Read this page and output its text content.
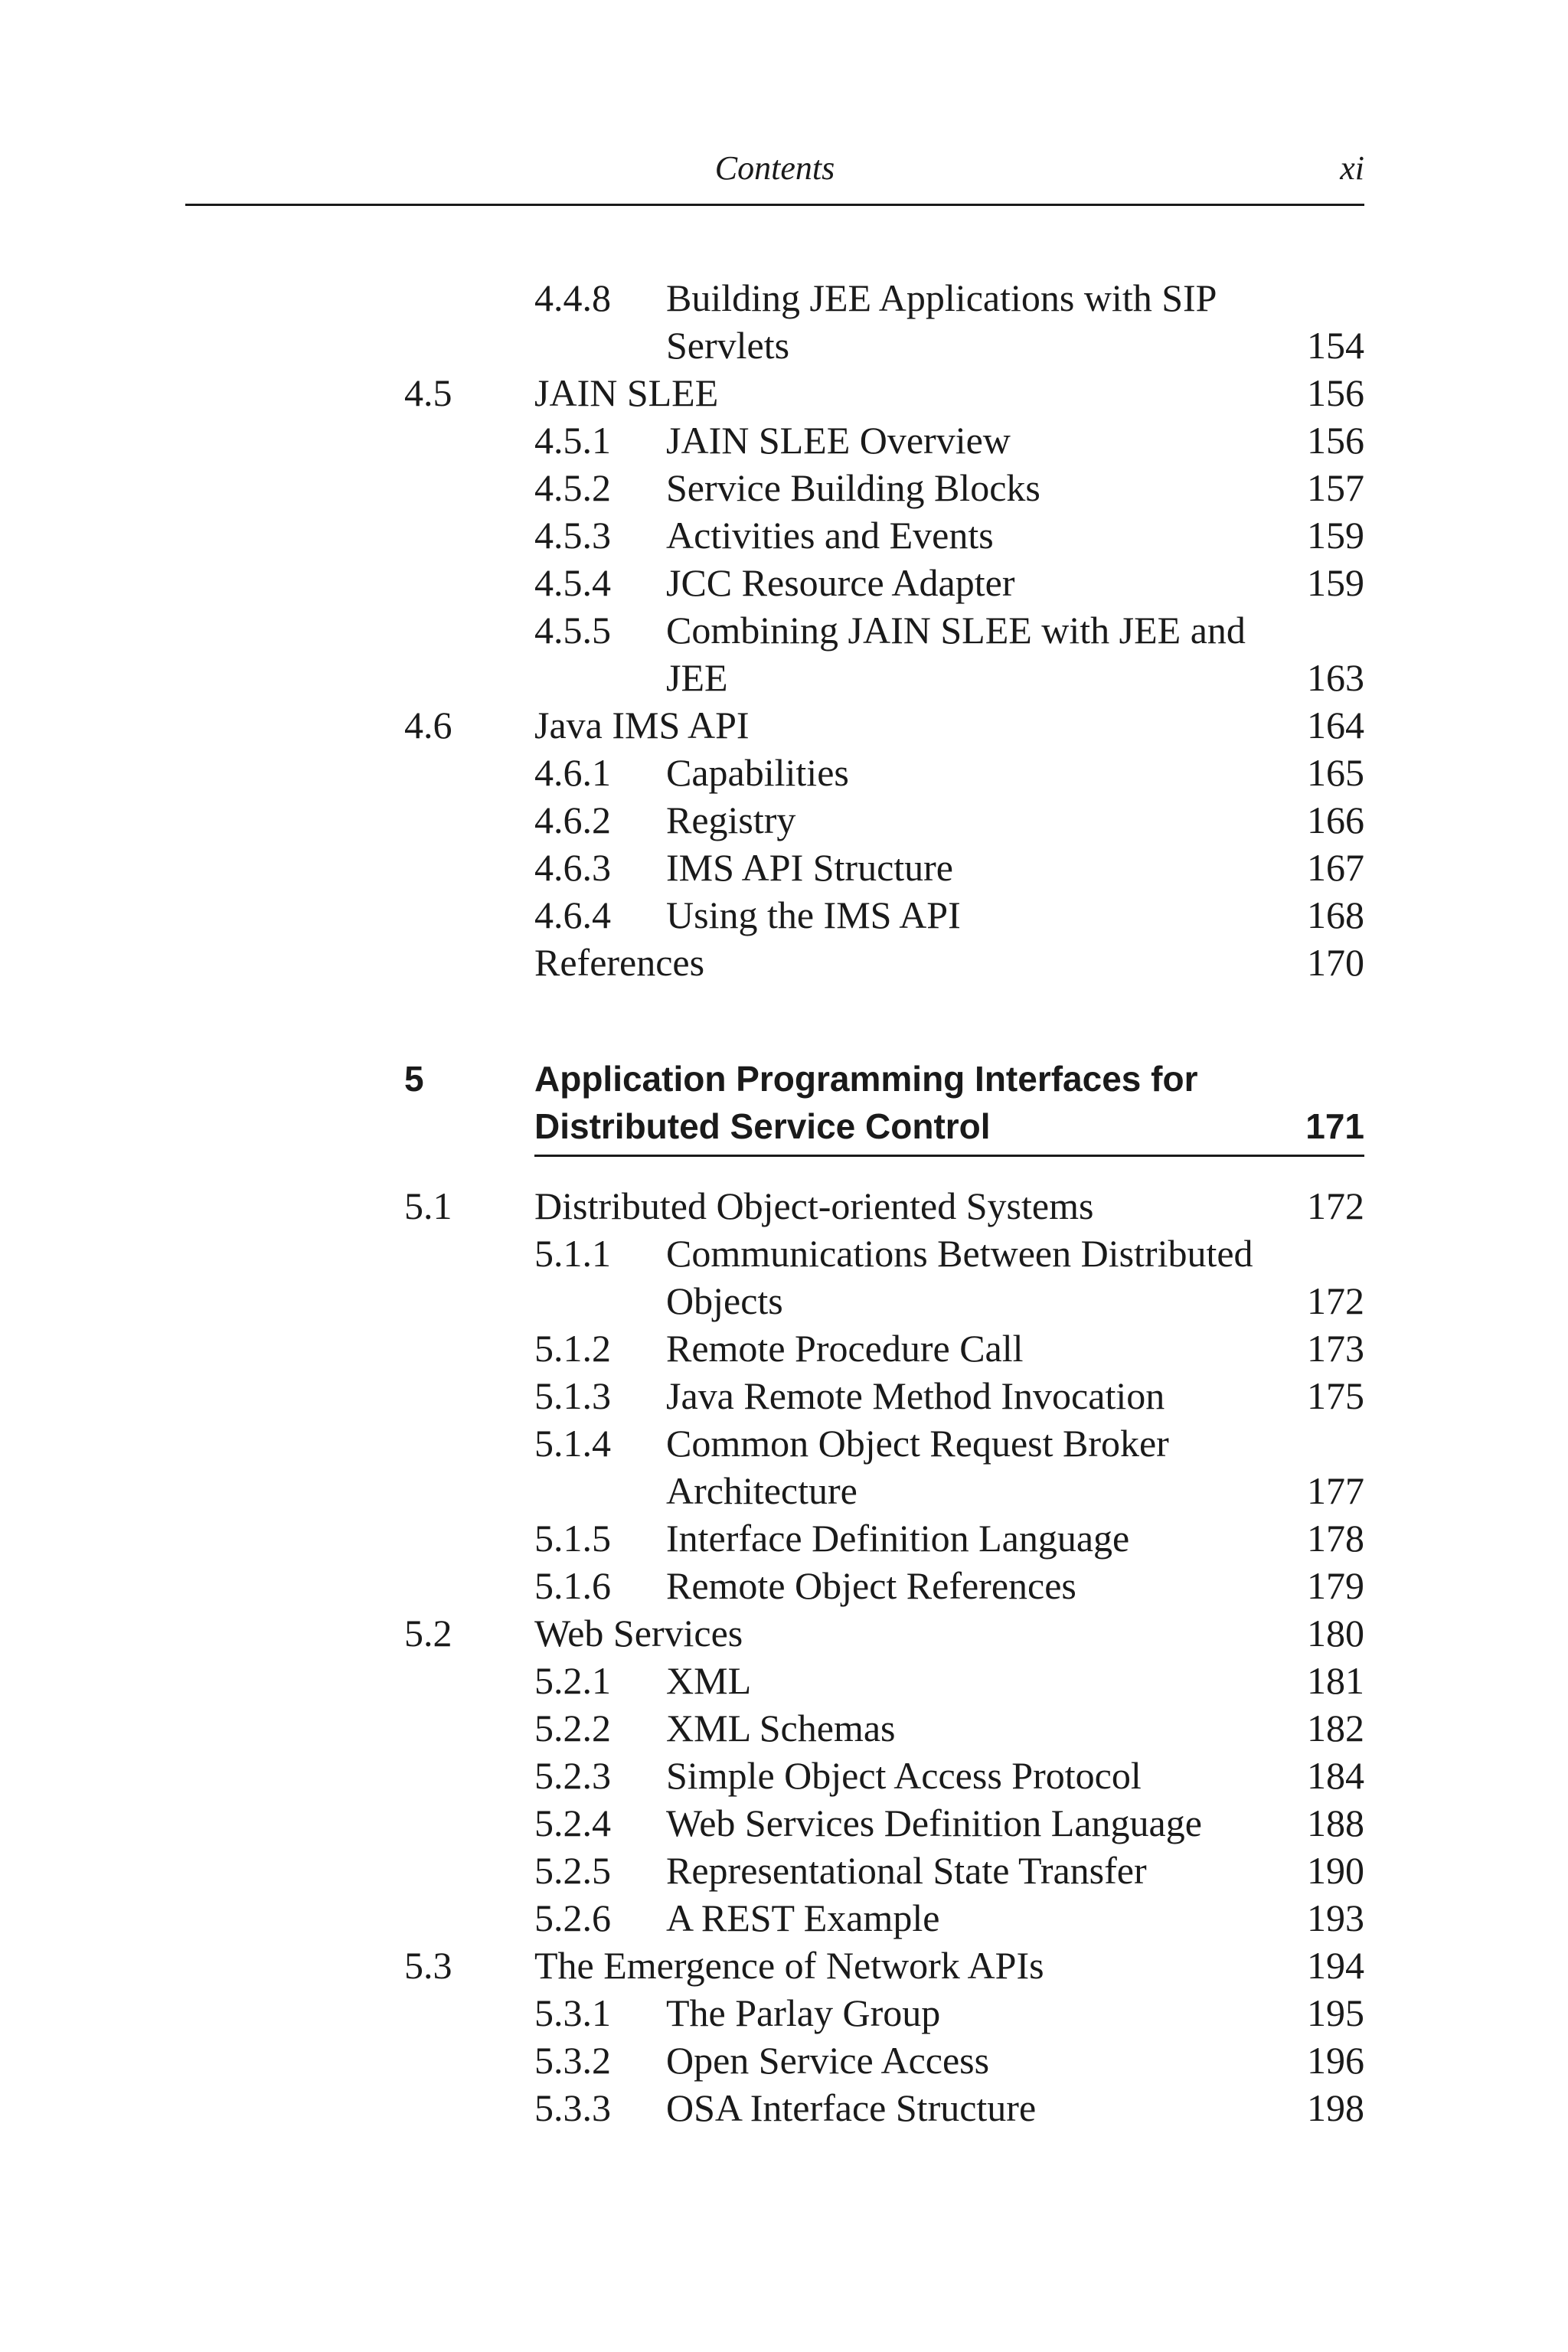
Contents	xi
5	Application Programming Interfaces for
Distributed Service Control	171
4.4.8 Building JEE Applications with SIP
Servlets	154
4.5 JAIN SLEE	156
4.5.1 JAIN SLEE Overview	156
4.5.2 Service Building Blocks	157
4.5.3 Activities and Events	159
4.5.4 JCC Resource Adapter	159
4.5.5 Combining JAIN SLEE with JEE and
JEE	163
4.6 Java IMS API	164
4.6.1 Capabilities	165
4.6.2 Registry	166
4.6.3 IMS API Structure	167
4.6.4 Using the IMS API	168
References	170
5.1 Distributed Object-oriented Systems	172
5.1.1 Communications Between Distributed
Objects	172
5.1.2 Remote Procedure Call	173
5.1.3 Java Remote Method Invocation	175
5.1.4 Common Object Request Broker
Architecture	177
5.1.5 Interface Definition Language	178
5.1.6 Remote Object References	179
5.2 Web Services	180
5.2.1 XML	181
5.2.2 XML Schemas	182
5.2.3 Simple Object Access Protocol	184
5.2.4 Web Services Definition Language	188
5.2.5 Representational State Transfer	190
5.2.6 A REST Example	193
5.3 The Emergence of Network APIs	194
5.3.1 The Parlay Group	195
5.3.2 Open Service Access	196
5.3.3 OSA Interface Structure	198
